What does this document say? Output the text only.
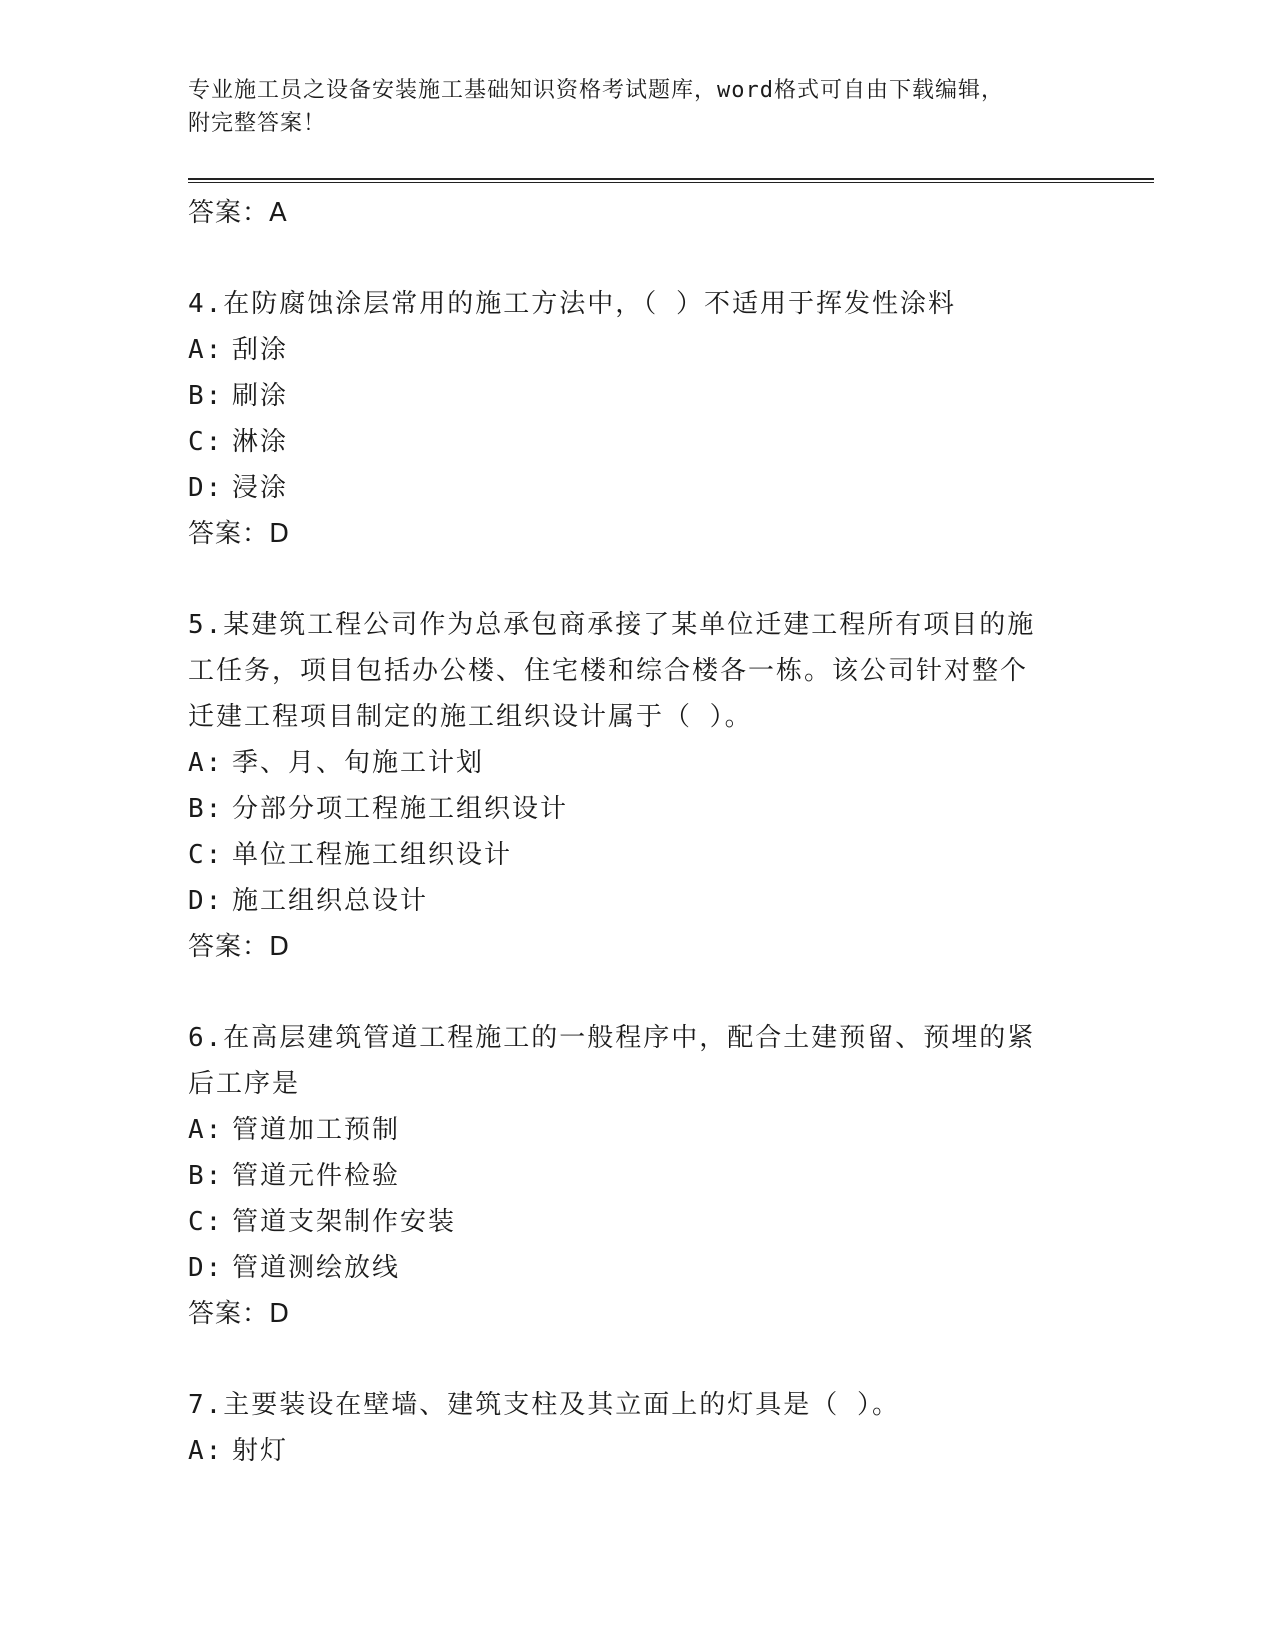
专业施工员之设备安装施工基础知识资格考试题库，word格式可自由下载编辑，
附完整答案！
答案：A
4.在防腐蚀涂层常用的施工方法中，（ ）不适用于挥发性涂料
A: 刮涂
B: 刷涂
C: 淋涂
D: 浸涂
答案：D
5.某建筑工程公司作为总承包商承接了某单位迁建工程所有项目的施
工任务，项目包括办公楼、住宅楼和综合楼各一栋。该公司针对整个
迁建工程项目制定的施工组织设计属于（ ）。
A: 季、月、旬施工计划
B: 分部分项工程施工组织设计
C: 单位工程施工组织设计
D: 施工组织总设计
答案：D
6.在高层建筑管道工程施工的一般程序中，配合土建预留、预埋的紧
后工序是
A: 管道加工预制
B: 管道元件检验
C: 管道支架制作安装
D: 管道测绘放线
答案：D
7.主要装设在壁墙、建筑支柱及其立面上的灯具是（ ）。
A: 射灯
